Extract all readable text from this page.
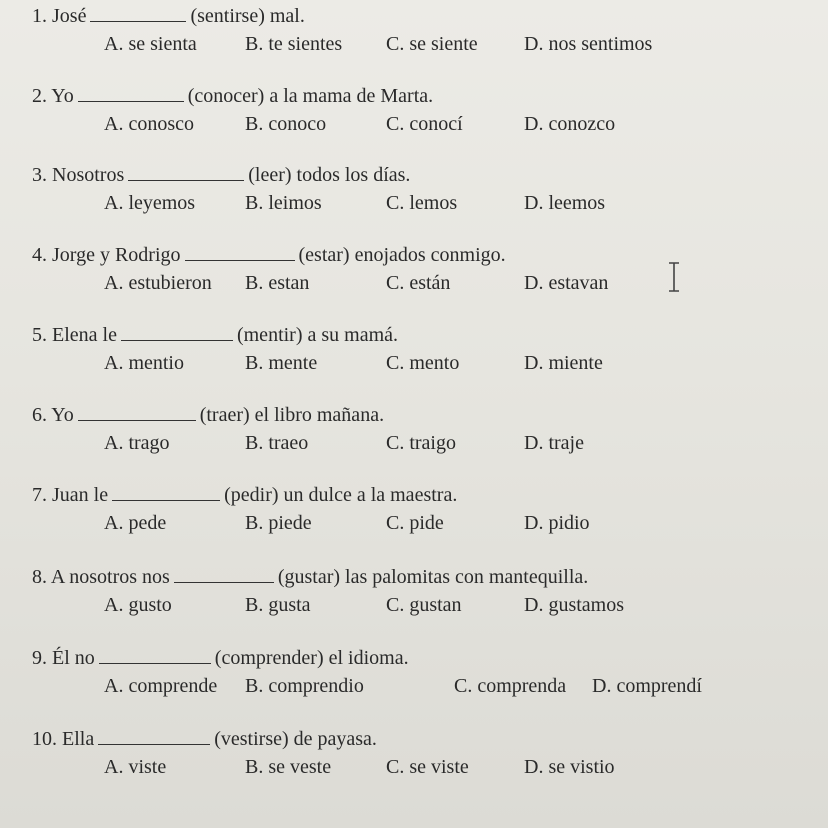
1. José	(sentirse) mal.
A. se sienta B. te sientes C. se siente D. nos sentimos
2. Yo	(conocer) a la mama de Marta.
A. conosco	B. conoco	C. conocí	D. conozco
3. Nosotros	(leer) todos los días.
A. leyemos B. leimos	C. lemos	D. leemos
4. Jorge y Rodrigo	(estar) enojados conmigo.
A. estubieron B. estan	C. están	D. estavan
5. Elena le	(mentir) a su mamá.
A. mentio	B. mente	C. mento	D. miente
6. Yo	(traer) el libro mañana.
A. trago	B. traeo	C. traigo	D. traje
7. Juan le	(pedir) un dulce a la maestra.
A. pede	B. piede	C. pide	D. pidio
8. A nosotros nos	(gustar) las palomitas con mantequilla.
A. gusto	B. gusta	C. gustan	D. gustamos
9. Él no	(comprender) el idioma.
A. comprende B. comprendio	C. comprenda D. comprendí
10. Ella	(vestirse) de payasa.
A. viste	B. se veste	C. se viste	D. se vistio
